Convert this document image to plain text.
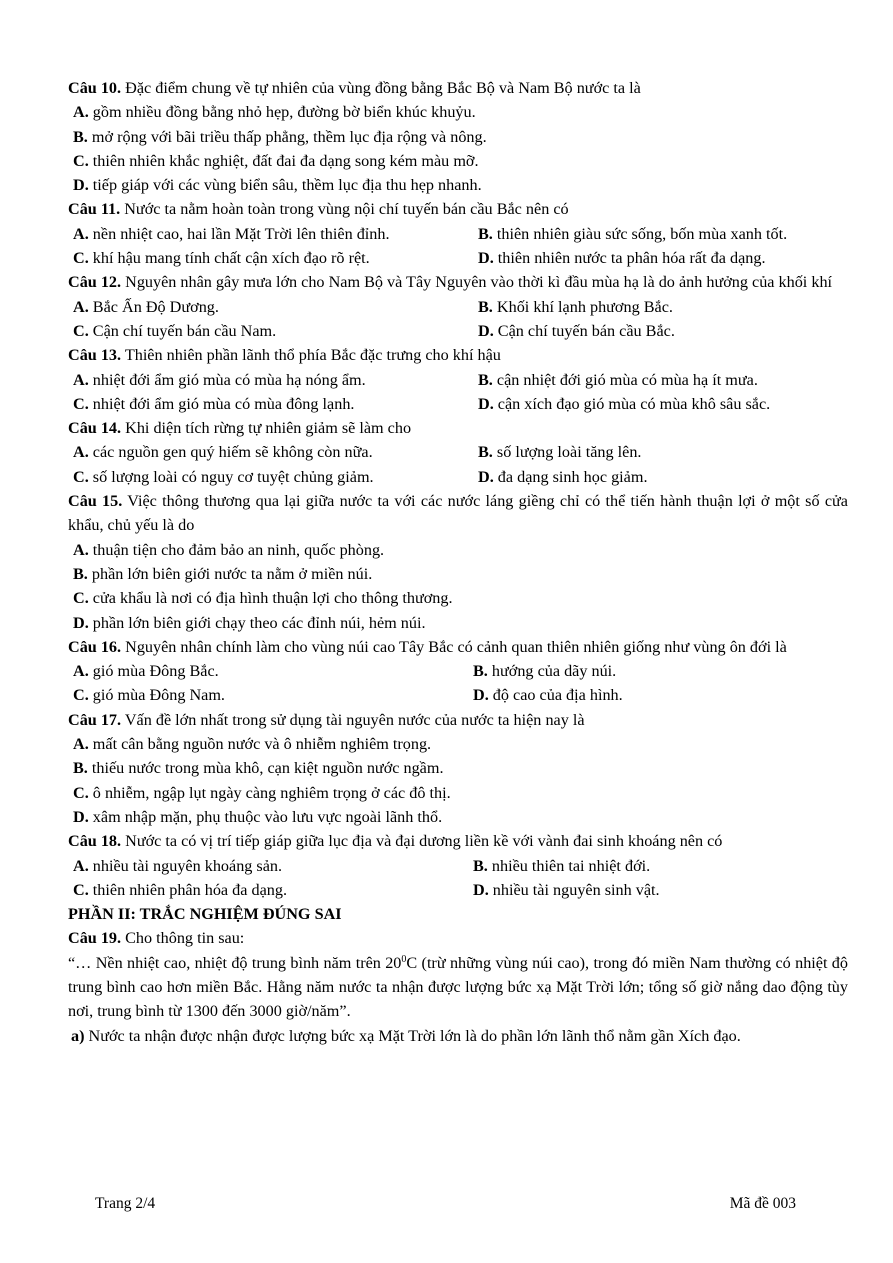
Câu 10. Đặc điểm chung về tự nhiên của vùng đồng bằng Bắc Bộ và Nam Bộ nước ta là

A. gồm nhiều đồng bằng nhỏ hẹp, đường bờ biển khúc khuỷu.

B. mở rộng với bãi triều thấp phẳng, thềm lục địa rộng và nông.

C. thiên nhiên khắc nghiệt, đất đai đa dạng song kém màu mỡ.

D. tiếp giáp với các vùng biển sâu, thềm lục địa thu hẹp nhanh.

Câu 11. Nước ta nằm hoàn toàn trong vùng nội chí tuyến bán cầu Bắc nên có

A. nền nhiệt cao, hai lần Mặt Trời lên thiên đỉnh.	B. thiên nhiên giàu sức sống, bốn mùa xanh tốt.
C. khí hậu mang tính chất cận xích đạo rõ rệt.	D. thiên nhiên nước ta phân hóa rất đa dạng.

Câu 12. Nguyên nhân gây mưa lớn cho Nam Bộ và Tây Nguyên vào thời kì đầu mùa hạ là do ảnh hưởng của khối khí

A. Bắc Ấn Độ Dương.	B. Khối khí lạnh phương Bắc.
C. Cận chí tuyến bán cầu Nam.	D. Cận chí tuyến bán cầu Bắc.

Câu 13. Thiên nhiên phần lãnh thổ phía Bắc đặc trưng cho khí hậu

A. nhiệt đới ẩm gió mùa có mùa hạ nóng ẩm.	B. cận nhiệt đới gió mùa có mùa hạ ít mưa.
C. nhiệt đới ẩm gió mùa có mùa đông lạnh.	D. cận xích đạo gió mùa có mùa khô sâu sắc.

Câu 14. Khi diện tích rừng tự nhiên giảm sẽ làm cho

A. các nguồn gen quý hiếm sẽ không còn nữa.	B. số lượng loài tăng lên.
C. số lượng loài có nguy cơ tuyệt chủng giảm.	D. đa dạng sinh học giảm.

Câu 15. Việc thông thương qua lại giữa nước ta với các nước láng giềng chỉ có thể tiến hành thuận lợi ở một số cửa khẩu, chủ yếu là do

A. thuận tiện cho đảm bảo an ninh, quốc phòng.

B. phần lớn biên giới nước ta nằm ở miền núi.

C. cửa khẩu là nơi có địa hình thuận lợi cho thông thương.

D. phần lớn biên giới chạy theo các đỉnh núi, hẻm núi.

Câu 16. Nguyên nhân chính làm cho vùng núi cao Tây Bắc có cảnh quan thiên nhiên giống như vùng ôn đới là

A. gió mùa Đông Bắc.	B. hướng của dãy núi.
C. gió mùa Đông Nam.	D. độ cao của địa hình.

Câu 17. Vấn đề lớn nhất trong sử dụng tài nguyên nước của nước ta hiện nay là

A. mất cân bằng nguồn nước và ô nhiễm nghiêm trọng.

B. thiếu nước trong mùa khô, cạn kiệt nguồn nước ngầm.

C. ô nhiễm, ngập lụt ngày càng nghiêm trọng ở các đô thị.

D. xâm nhập mặn, phụ thuộc vào lưu vực ngoài lãnh thổ.

Câu 18. Nước ta có vị trí tiếp giáp giữa lục địa và đại dương liền kề với vành đai sinh khoáng nên có

A. nhiều tài nguyên khoáng sản.	B. nhiều thiên tai nhiệt đới.
C. thiên nhiên phân hóa đa dạng.	D. nhiều tài nguyên sinh vật.

PHẦN II: TRẮC NGHIỆM ĐÚNG SAI

Câu 19. Cho thông tin sau:

“… Nền nhiệt cao, nhiệt độ trung bình năm trên $20^0C$ (trừ những vùng núi cao), trong đó miền Nam thường có nhiệt độ trung bình cao hơn miền Bắc. Hằng năm nước ta nhận được lượng bức xạ Mặt Trời lớn; tổng số giờ nắng dao động tùy nơi, trung bình từ 1300 đến 3000 giờ/năm”.

a) Nước ta nhận được nhận được lượng bức xạ Mặt Trời lớn là do phần lớn lãnh thổ nằm gần Xích đạo.

Trang 2/4	Mã đề 003
